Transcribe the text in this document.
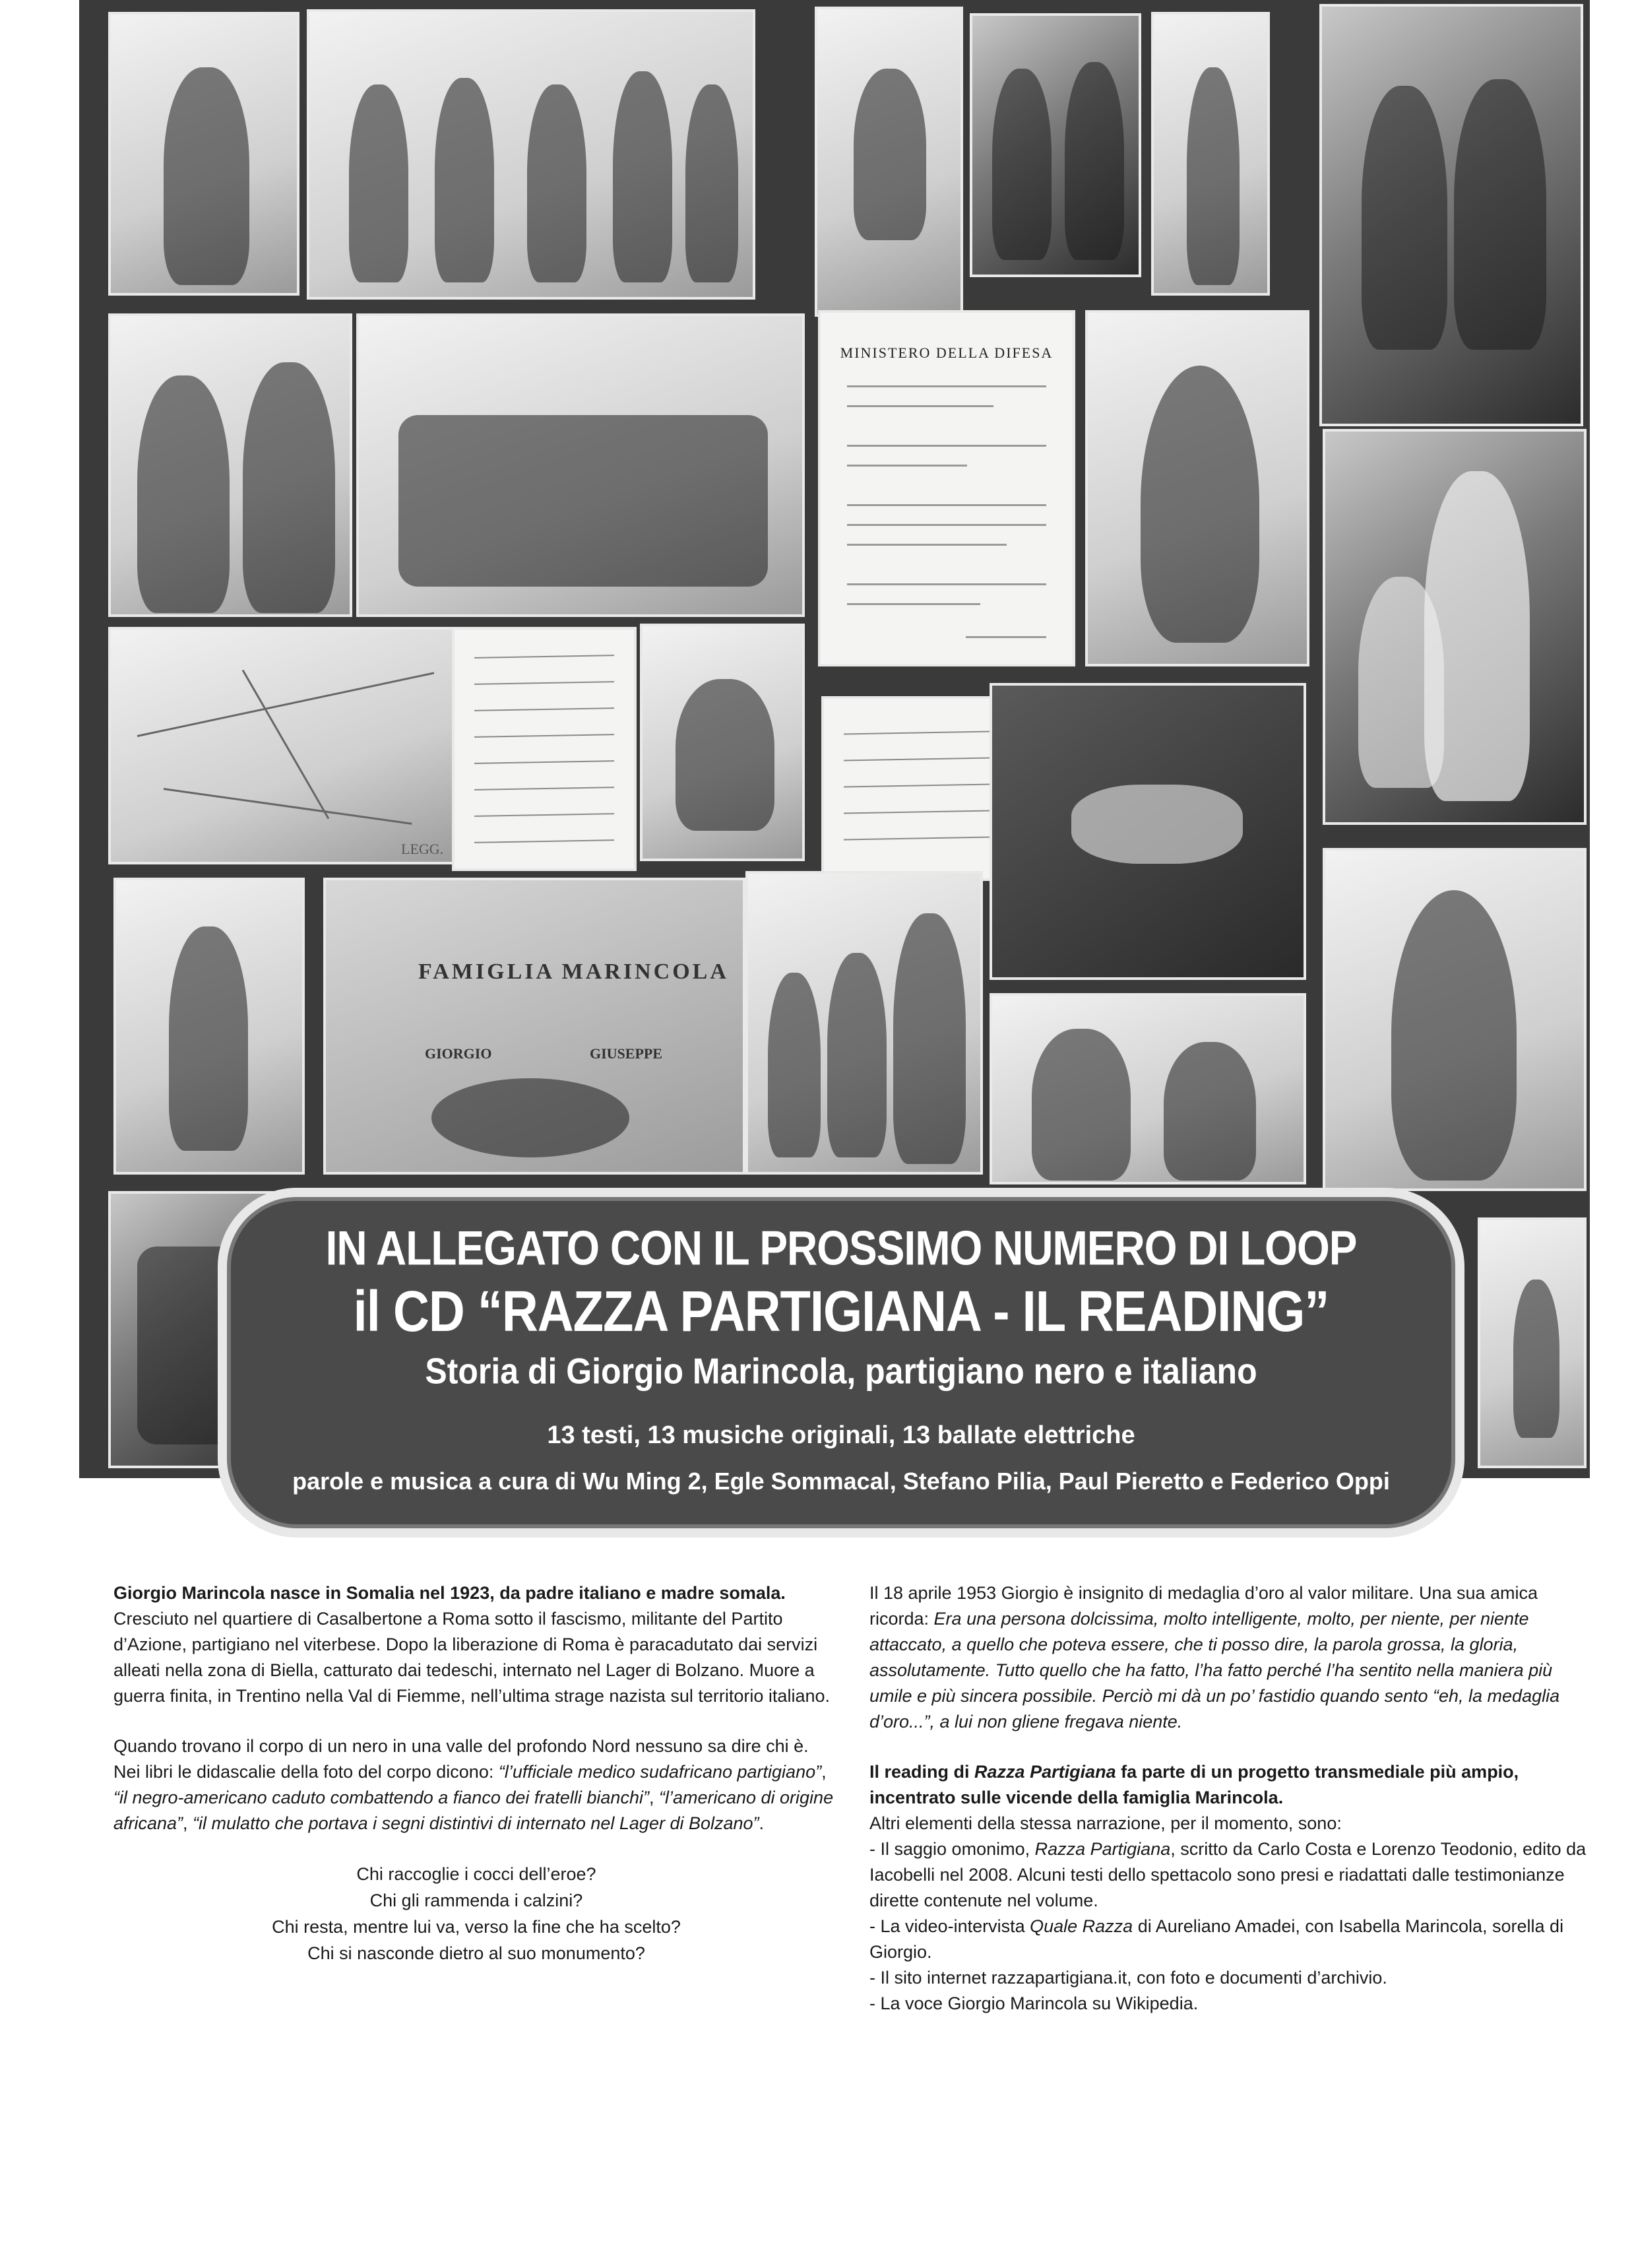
MINISTERO DELLA DIFESA
LEGG.
FAMIGLIA MARINCOLA
GIORGIO	GIUSEPPE
IN ALLEGATO CON IL PROSSIMO NUMERO DI LOOP
il CD “RAZZA PARTIGIANA - IL READING”
Storia di Giorgio Marincola, partigiano nero e italiano
13 testi, 13 musiche originali, 13 ballate elettriche
parole e musica a cura di Wu Ming 2, Egle Sommacal, Stefano Pilia, Paul Pieretto e Federico Oppi

Giorgio Marincola nasce in Somalia nel 1923, da padre italiano e madre somala. Cresciuto nel quartiere di Casalbertone a Roma sotto il fascismo, militante del Partito d’Azione, partigiano nel viterbese. Dopo la liberazione di Roma è paracadutato dai servizi alleati nella zona di Biella, catturato dai tedeschi, internato nel Lager di Bolzano. Muore a guerra finita, in Trentino nella Val di Fiemme, nell’ultima strage nazista sul territorio italiano.

Quando trovano il corpo di un nero in una valle del profondo Nord nessuno sa dire chi è. Nei libri le didascalie della foto del corpo dicono: “l’ufficiale medico sudafricano partigiano”, “il negro-americano caduto combattendo a fianco dei fratelli bianchi”, “l’americano di origine africana”, “il mulatto che portava i segni distintivi di internato nel Lager di Bolzano”.

Chi raccoglie i cocci dell’eroe?
Chi gli rammenda i calzini?
Chi resta, mentre lui va, verso la fine che ha scelto?
Chi si nasconde dietro al suo monumento?

Il 18 aprile 1953 Giorgio è insignito di medaglia d’oro al valor militare. Una sua amica ricorda: Era una persona dolcissima, molto intelligente, molto, per niente, per niente attaccato, a quello che poteva essere, che ti posso dire, la parola grossa, la gloria, assolutamente. Tutto quello che ha fatto, l’ha fatto perché l’ha sentito nella maniera più umile e più sincera possibile. Perciò mi dà un po’ fastidio quando sento “eh, la medaglia d’oro...”, a lui non gliene fregava niente.

Il reading di Razza Partigiana fa parte di un progetto transmediale più ampio, incentrato sulle vicende della famiglia Marincola.
Altri elementi della stessa narrazione, per il momento, sono:
- Il saggio omonimo, Razza Partigiana, scritto da Carlo Costa e Lorenzo Teodonio, edito da Iacobelli nel 2008. Alcuni testi dello spettacolo sono presi e riadattati dalle testimonianze dirette contenute nel volume.
- La video-intervista Quale Razza di Aureliano Amadei, con Isabella Marincola, sorella di Giorgio.
- Il sito internet razzapartigiana.it, con foto e documenti d’archivio.
- La voce Giorgio Marincola su Wikipedia.
